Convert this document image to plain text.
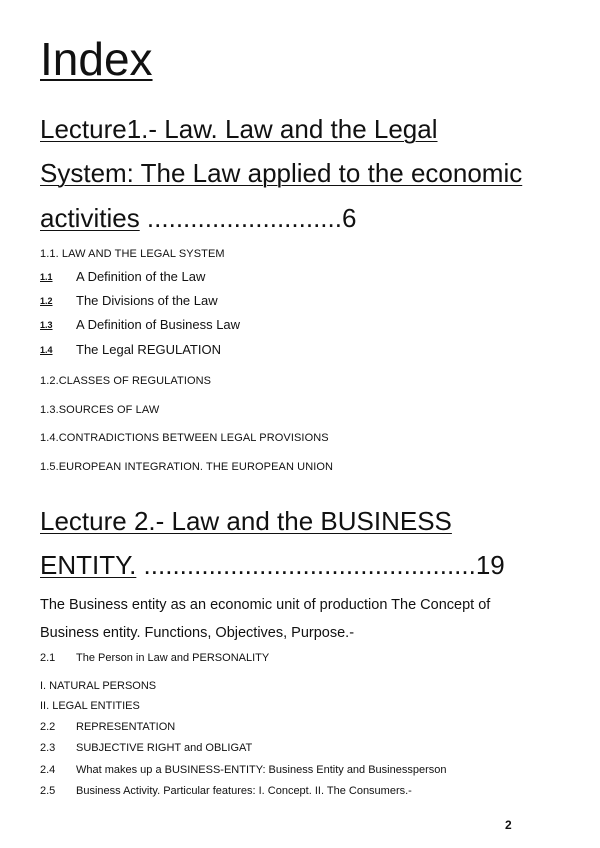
Index
Lecture1.- Law. Law and the Legal
System: The Law applied to the economic
activities ...........................6
1.1. LAW AND THE LEGAL SYSTEM
1.1 A Definition of the Law
1.2 The Divisions of the Law
1.3 A Definition of Business Law
1.4 The Legal REGULATION
1.2.CLASSES OF REGULATIONS
1.3.SOURCES OF LAW
1.4.CONTRADICTIONS BETWEEN LEGAL PROVISIONS
1.5.EUROPEAN INTEGRATION. THE EUROPEAN UNION
Lecture 2.- Law and the BUSINESS
ENTITY. ..............................................19
The Business entity as an economic unit of production The Concept of
Business entity. Functions, Objectives, Purpose.-
2.1 The Person in Law and PERSONALITY
I. NATURAL PERSONS
II. LEGAL ENTITIES
2.2 REPRESENTATION
2.3 SUBJECTIVE RIGHT and OBLIGAT
2.4 What makes up a BUSINESS-ENTITY: Business Entity and Businessperson
2.5 Business Activity. Particular features: I. Concept. II. The Consumers.-
2
